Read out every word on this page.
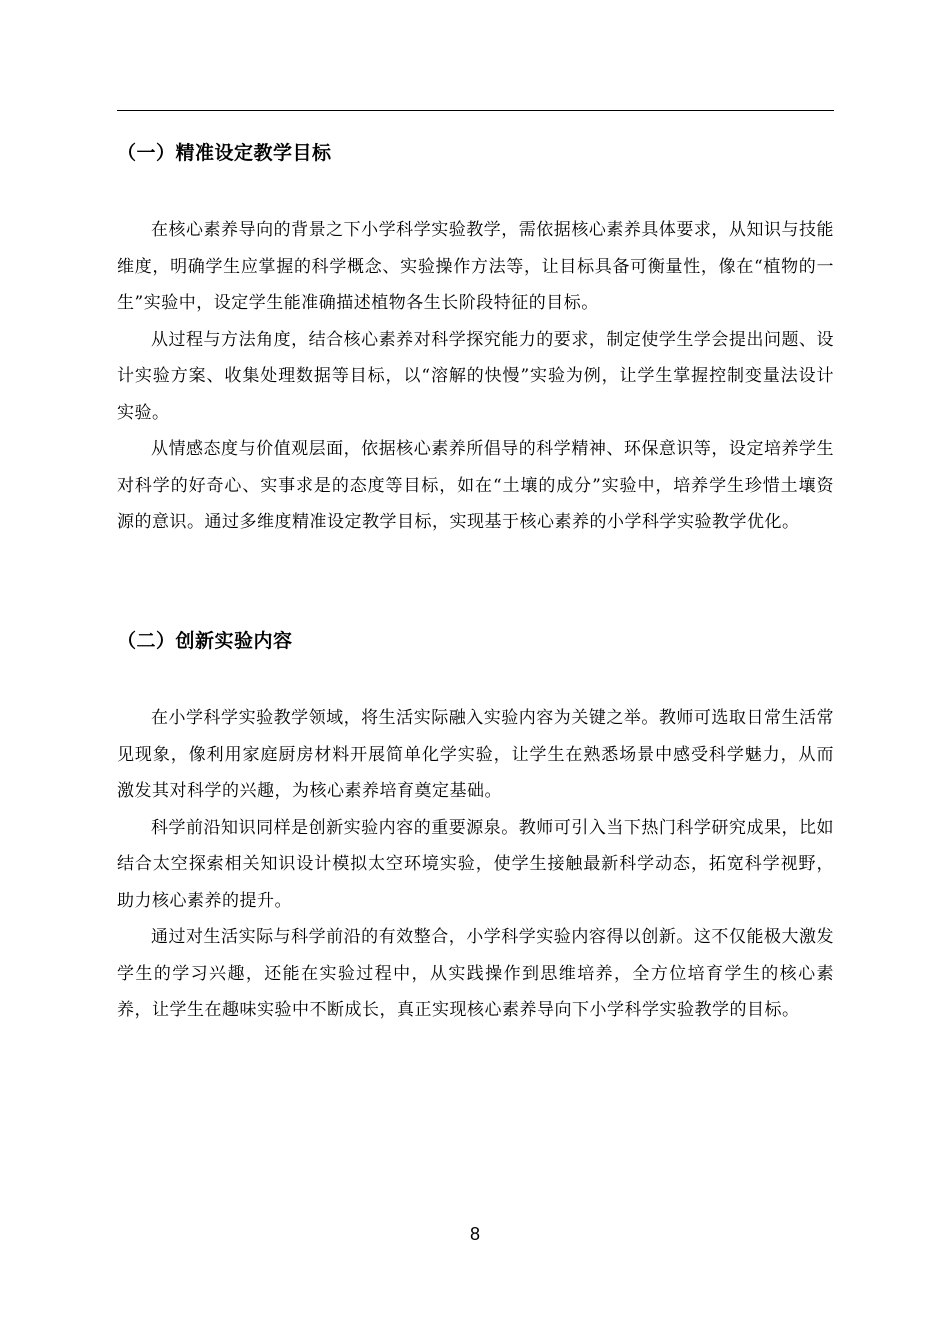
（一）精准设定教学目标

在核心素养导向的背景之下小学科学实验教学，需依据核心素养具体要求，从知识与技能维度，明确学生应掌握的科学概念、实验操作方法等，让目标具备可衡量性，像在“植物的一生”实验中，设定学生能准确描述植物各生长阶段特征的目标。

从过程与方法角度，结合核心素养对科学探究能力的要求，制定使学生学会提出问题、设计实验方案、收集处理数据等目标，以“溶解的快慢”实验为例，让学生掌握控制变量法设计实验。

从情感态度与价值观层面，依据核心素养所倡导的科学精神、环保意识等，设定培养学生对科学的好奇心、实事求是的态度等目标，如在“土壤的成分”实验中，培养学生珍惜土壤资源的意识。通过多维度精准设定教学目标，实现基于核心素养的小学科学实验教学优化。

（二）创新实验内容

在小学科学实验教学领域，将生活实际融入实验内容为关键之举。教师可选取日常生活常见现象，像利用家庭厨房材料开展简单化学实验，让学生在熟悉场景中感受科学魅力，从而激发其对科学的兴趣，为核心素养培育奠定基础。

科学前沿知识同样是创新实验内容的重要源泉。教师可引入当下热门科学研究成果，比如结合太空探索相关知识设计模拟太空环境实验，使学生接触最新科学动态，拓宽科学视野，助力核心素养的提升。

通过对生活实际与科学前沿的有效整合，小学科学实验内容得以创新。这不仅能极大激发学生的学习兴趣，还能在实验过程中，从实践操作到思维培养，全方位培育学生的核心素养，让学生在趣味实验中不断成长，真正实现核心素养导向下小学科学实验教学的目标。

8
